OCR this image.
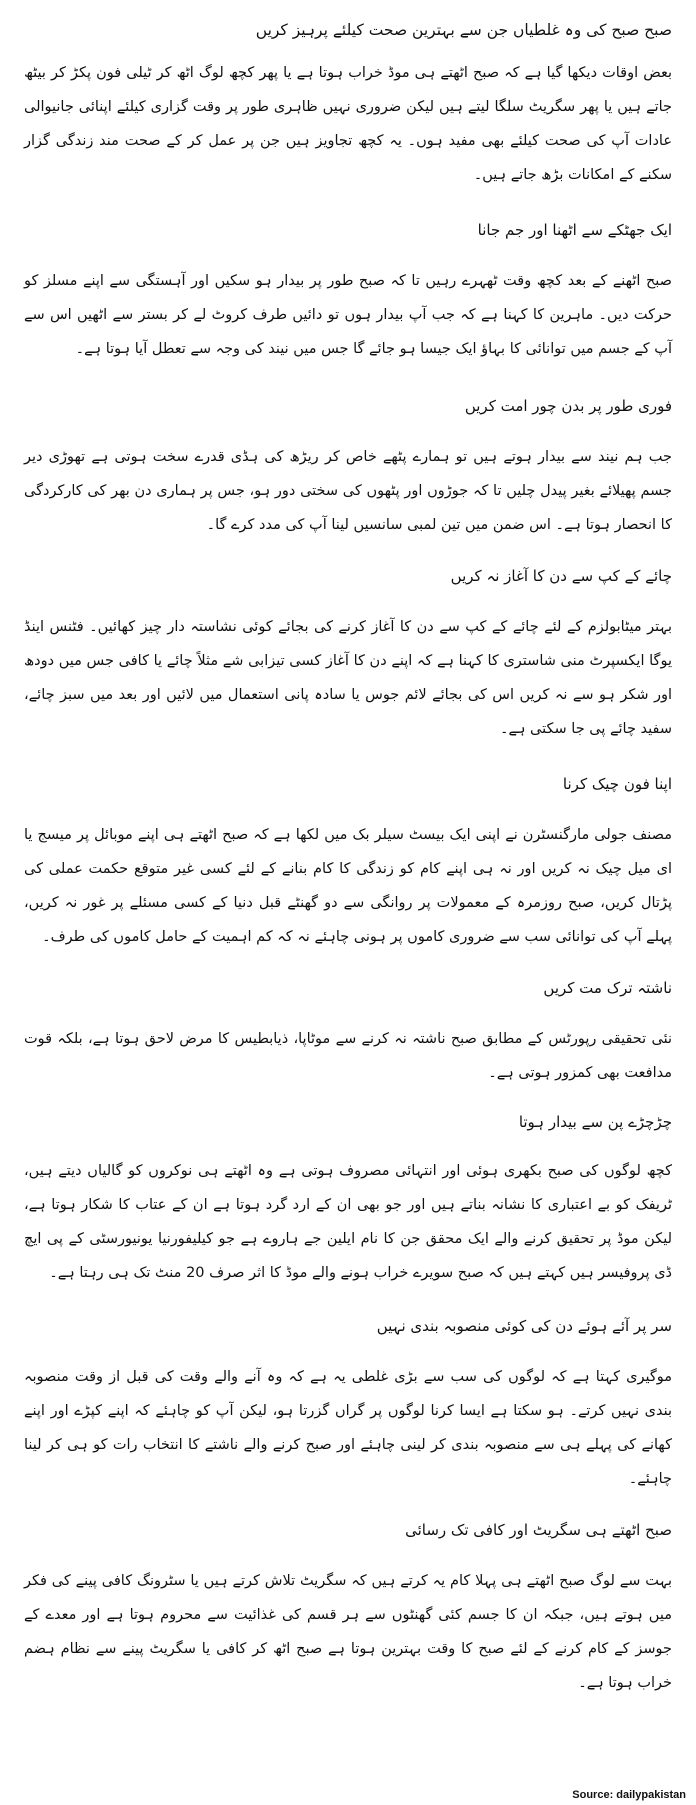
صبح صبح کی وہ غلطیاں جن سے بہترین صحت کیلئے پرہیز کریں
بعض اوقات دیکھا گیا ہے کہ صبح اٹھتے ہی موڈ خراب ہوتا ہے یا پھر کچھ لوگ اٹھ کر ٹیلی فون پکڑ کر بیٹھ جاتے ہیں یا پھر سگریٹ سلگا لیتے ہیں لیکن ضروری نہیں ظاہری طور پر وقت گزاری کیلئے اپنائی جانیوالی عادات آپ کی صحت کیلئے بھی مفید ہوں۔ یہ کچھ تجاویز ہیں جن پر عمل کر کے صحت مند زندگی گزار سکنے کے امکانات بڑھ جاتے ہیں۔
ایک جھٹکے سے اٹھنا اور جم جانا
صبح اٹھنے کے بعد کچھ وقت ٹھہرے رہیں تا کہ صبح طور پر بیدار ہو سکیں اور آہستگی سے اپنے مسلز کو حرکت دیں۔ ماہرین کا کہنا ہے کہ جب آپ بیدار ہوں تو دائیں طرف کروٹ لے کر بستر سے اٹھیں اس سے آپ کے جسم میں توانائی کا بہاؤ ایک جیسا ہو جائے گا جس میں نیند کی وجہ سے تعطل آیا ہوتا ہے۔
فوری طور پر بدن چور امت کریں
جب ہم نیند سے بیدار ہوتے ہیں تو ہمارے پٹھے خاص کر ریڑھ کی ہڈی قدرے سخت ہوتی ہے تھوڑی دیر جسم پھیلائے بغیر پیدل چلیں تا کہ جوڑوں اور پٹھوں کی سختی دور ہو، جس پر ہماری دن بھر کی کارکردگی کا انحصار ہوتا ہے۔ اس ضمن میں تین لمبی سانسیں لینا آپ کی مدد کرے گا۔
چائے کے کپ سے دن کا آغاز نہ کریں
بہتر میٹابولزم کے لئے چائے کے کپ سے دن کا آغاز کرنے کی بجائے کوئی نشاستہ دار چیز کھائیں۔ فٹنس اینڈ یوگا ایکسپرٹ منی شاستری کا کہنا ہے کہ اپنے دن کا آغاز کسی تیزابی شے مثلاً چائے یا کافی جس میں دودھ اور شکر ہو سے نہ کریں اس کی بجائے لائم جوس یا سادہ پانی استعمال میں لائیں اور بعد میں سبز چائے، سفید چائے پی جا سکتی ہے۔
اپنا فون چیک کرنا
مصنف جولی مارگنسٹرن نے اپنی ایک بیسٹ سیلر بک میں لکھا ہے کہ صبح اٹھتے ہی اپنے موبائل پر میسج یا ای میل چیک نہ کریں اور نہ ہی اپنے کام کو زندگی کا کام بنانے کے لئے کسی غیر متوقع حکمت عملی کی پڑتال کریں، صبح روزمرہ کے معمولات پر روانگی سے دو گھنٹے قبل دنیا کے کسی مسئلے پر غور نہ کریں، پہلے آپ کی توانائی سب سے ضروری کاموں پر ہونی چاہئے نہ کہ کم اہمیت کے حامل کاموں کی طرف۔
ناشتہ ترک مت کریں
نئی تحقیقی رپورٹس کے مطابق صبح ناشتہ نہ کرنے سے موٹاپا، ذیابطیس کا مرض لاحق ہوتا ہے، بلکہ قوت مدافعت بھی کمزور ہوتی ہے۔
چڑچڑے پن سے بیدار ہوتا
کچھ لوگوں کی صبح بکھری ہوئی اور انتہائی مصروف ہوتی ہے وہ اٹھتے ہی نوکروں کو گالیاں دیتے ہیں، ٹریفک کو بے اعتباری کا نشانہ بناتے ہیں اور جو بھی ان کے ارد گرد ہوتا ہے ان کے عتاب کا شکار ہوتا ہے، لیکن موڈ پر تحقیق کرنے والے ایک محقق جن کا نام ایلین جے ہاروے ہے جو کیلیفورنیا یونیورسٹی کے پی ایچ ڈی پروفیسر ہیں کہتے ہیں کہ صبح سویرے خراب ہونے والے موڈ کا اثر صرف 20 منٹ تک ہی رہتا ہے۔
سر پر آئے ہوئے دن کی کوئی منصوبہ بندی نہیں
موگیری کہتا ہے کہ لوگوں کی سب سے بڑی غلطی یہ ہے کہ وہ آنے والے وقت کی قبل از وقت منصوبہ بندی نہیں کرتے۔ ہو سکتا ہے ایسا کرنا لوگوں پر گراں گزرتا ہو، لیکن آپ کو چاہئے کہ اپنے کپڑے اور اپنے کھانے کی پہلے ہی سے منصوبہ بندی کر لینی چاہئے اور صبح کرنے والے ناشتے کا انتخاب رات کو ہی کر لینا چاہئے۔
صبح اٹھتے ہی سگریٹ اور کافی تک رسائی
بہت سے لوگ صبح اٹھتے ہی پہلا کام یہ کرتے ہیں کہ سگریٹ تلاش کرتے ہیں یا سٹرونگ کافی پینے کی فکر میں ہوتے ہیں، جبکہ ان کا جسم کئی گھنٹوں سے ہر قسم کی غذائیت سے محروم ہوتا ہے اور معدے کے جوسز کے کام کرنے کے لئے صبح کا وقت بہترین ہوتا ہے صبح اٹھ کر کافی یا سگریٹ پینے سے نظام ہضم خراب ہوتا ہے۔
Source: dailypakistan
